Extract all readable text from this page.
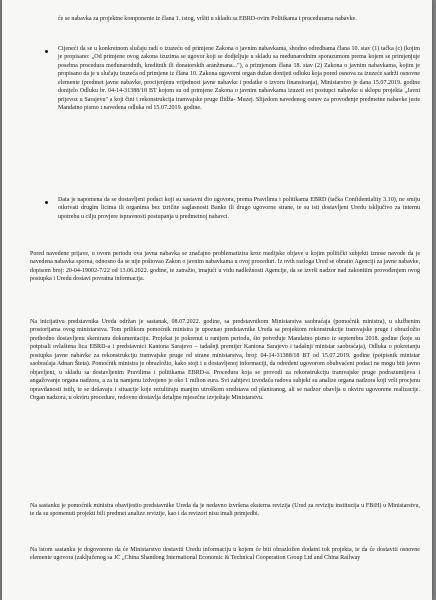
će se nabavka za projektne komponente iz člana 1. istog, vršiti u skladu sa EBRD-ovim Politikama i procedurama nabavke.

Cijeneći da se u konkretnom slučaju radi o izuzeću od primjene Zakona o javnim nabavkama, shodno odredbama člana 10. stav (1) tačka (c) (kojim je propisano: „Od primjene ovog zakona izuzima se ugovor koji se dodjeljuje u skladu sa međunarodnim sporazumom prema kojem se primjenjuje posebna procedura međunarodnih, kreditnih ili donatorskih aranžmana..."), a primjenom člana 18. stav (2) Zakona o javnim nabavkama, kojim je propisano da je u slučaju izuzeća od primjene iz člana 10. Zakona ugovorni organ dužan donijeti odluku koja pored osnova za izuzeće sadrži osnovne elemente (predmet javne nabavke, procijenjenu vrijednost javne nabavke i podatke o izvoru finansiranja), Ministarstvo je dana 15.07.2019. godine donijelo Odluku br. 04-14-31388/18 BT kojom su od primjene Zakona o javnim nabavkama izuzeti svi postupci nabavke u sklopu projekta „Javni prijevoz u Sarajevu" a koji čini i rekonstrukcija tramvajske pruge Ilidža- Muzej. Slijedom navedenog osnov za provođenje predmetne nabavke jeste Mandatno pismo i navedena odluka od 15.07.2019. godine.

Data je napomena da se dostavljeni podaci koji su sastavni dio ugovora, prema Pravilima i politikama EBRD (tačka Confidentiality 3.10), ne smiju otkrivati drugim licima ili organima bez izričite saglasnosti Banke ili drugo ugovorne strane, te su isti dostavljeni Uredu isključivo za internu upotrebu u cilju provjere ispravnosti postupanja u predmetnoj nabavci.

Pored navedene prijave, u ovom periodu ova javna nabavka se značajno problematizira kroz medijske objave u kojim politički subjekti iznose navode da je navedena nabavka sporna, odnosno da se nije poštovao Zakon o javnim nabavkama u ovoj proceduri. Iz ovih razloga Ured se obratio Agenciji za javne nabavke, dopisom broj: 20-04-19002-7/22 od 13.06.2022. godine, te zatražio, imajući u vidu nadležnosti Agencije, da se izvrši nadzor nad zakonitim provođenjem ovog postupka i Uredu dostavi povratna informacija.

Na inicijativu predstavnika Ureda održan je sastanak, 08.07.2022. godine, sa predstavnikom Ministarstva saobraćaja (pomoćnik ministra), u službenim prostorijama ovog ministarstva. Tom prilikom pomoćnik ministra je upoznao predstavnike Ureda sa projektom rekonstrukcije tramvajske pruge i obrazložio prethodno dostavljenu skeniranu dokumentaciju. Projekat je pokrenut u ranijem periodu, što potvrđuje Mandatno pismo iz septembra 2018. godine (koje su potpisali ovlaštena lica EBRD-a i predstavnici Kantona Sarajevo – tadašnji premijer Kantona Sarajevo i tadašnji ministar saobraćaja), Odluka o pokretanju postupka javne nabavke za rekonstrukciju tramvajske pruge od strane ministarstva, broj: 04-14-31388/18 BT od 15.07.2019. godine (potpisnik ministar saobraćaja Adnan Šteta). Pomoćnik ministra je obrazložio, kako stoji i u dostavljenoj informaciji, da odredeni ugovorom obuhvaćeni podaci ne mogu biti javno objavljeni, u skladu sa dostavljenim Pravilima i politikama EBRD-a. Procedura koja se provodi za rekonstrukciju tramvajske pruge podrazumijeva i angažovanje organa nadzora, a za tu namjenu izdvojeno je oko 1 milion eura. Svi zahtjevi izvođača radova subjekt su analize organa nadzora koji vrši procjenu opravdanosti istih, te se dešavaju i situacije koje rezultiraju manjim utroškom sredstava od planiranog, ali se nadzor obavlja u okviru ugovorene realizacije. Organ nadzora, u okviru procedure, redovno dostavlja detaljne mjesečne izvještaje Ministarstvu.

Na sastanku je pomoćnik ministra obavijestio predstavnike Ureda da je nedavno izvršena eksterna revizija (Ured za reviziju institucija u FBiH) u Ministarstvu, te da su spomenuti projekti bili predmet analize revizije, kao i da revizori nisu imali primjedbi.

Na istom sastanku je dogovoreno da će Ministarstvo dostaviti Uredu informaciju u kojem će biti obrazložen dodatni tok projekta, te da će dostaviti osnovne elemente ugovora (zaključenog sa JC „China Shandong International Economic & Technical Cooperation Group Ltd and China Railway
